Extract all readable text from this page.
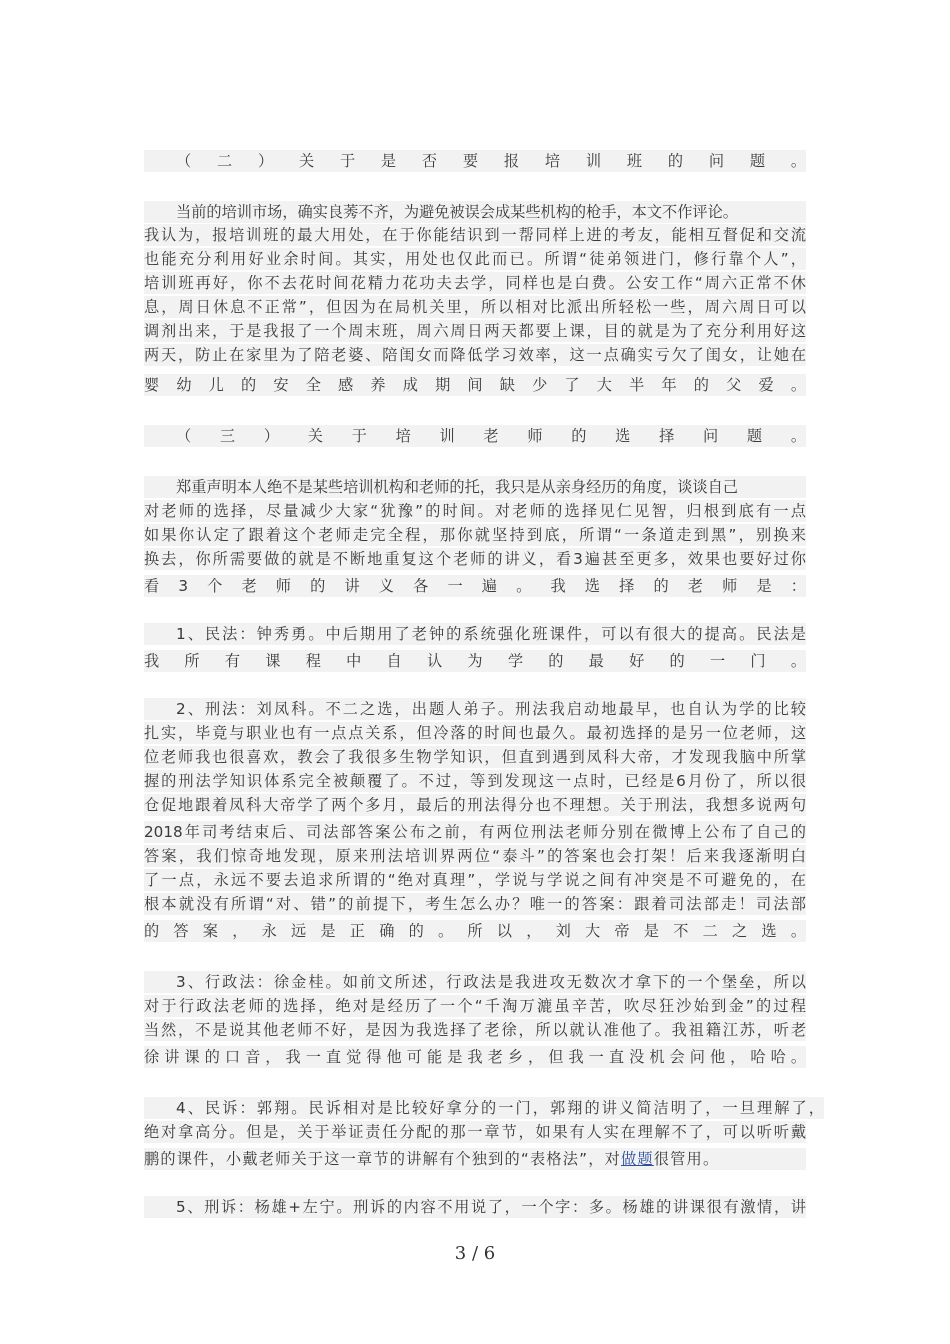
（二）关于是否要报培训班的问题。
当前的培训市场，确实良莠不齐，为避免被误会成某些机构的枪手，本文不作评论。
我认为，报培训班的最大用处，在于你能结识到一帮同样上进的考友，能相互督促和交流
也能充分利用好业余时间。其实，用处也仅此而已。所谓“徒弟领进门，修行靠个人”，
培训班再好，你不去花时间花精力花功夫去学，同样也是白费。公安工作“周六正常不休
息，周日休息不正常”，但因为在局机关里，所以相对比派出所轻松一些，周六周日可以
调剂出来，于是我报了一个周末班，周六周日两天都要上课，目的就是为了充分利用好这
两天，防止在家里为了陪老婆、陪闺女而降低学习效率，这一点确实亏欠了闺女，让她在
婴幼儿的安全感养成期间缺少了大半年的父爱。
（三）关于培训老师的选择问题。
郑重声明本人绝不是某些培训机构和老师的托，我只是从亲身经历的角度，谈谈自己
对老师的选择，尽量减少大家“犹豫”的时间。对老师的选择见仁见智，归根到底有一点
如果你认定了跟着这个老师走完全程，那你就坚持到底，所谓“一条道走到黑”，别换来
换去，你所需要做的就是不断地重复这个老师的讲义，看3遍甚至更多，效果也要好过你
看3个老师的讲义各一遍。我选择的老师是：
1、民法：钟秀勇。中后期用了老钟的系统强化班课件，可以有很大的提高。民法是
我所有课程中自认为学的最好的一门。
2、刑法：刘凤科。不二之选，出题人弟子。刑法我启动地最早，也自认为学的比较
扎实，毕竟与职业也有一点点关系，但冷落的时间也最久。最初选择的是另一位老师，这
位老师我也很喜欢，教会了我很多生物学知识，但直到遇到凤科大帝，才发现我脑中所掌
握的刑法学知识体系完全被颠覆了。不过，等到发现这一点时，已经是6月份了，所以很
仓促地跟着凤科大帝学了两个多月，最后的刑法得分也不理想。关于刑法，我想多说两句
2018年司考结束后、司法部答案公布之前，有两位刑法老师分别在微博上公布了自己的
答案，我们惊奇地发现，原来刑法培训界两位“泰斗”的答案也会打架！后来我逐渐明白
了一点，永远不要去追求所谓的“绝对真理”，学说与学说之间有冲突是不可避免的，在
根本就没有所谓“对、错”的前提下，考生怎么办？唯一的答案：跟着司法部走！司法部
的答案，永远是正确的。所以，刘大帝是不二之选。
3、行政法：徐金桂。如前文所述，行政法是我进攻无数次才拿下的一个堡垒，所以
对于行政法老师的选择，绝对是经历了一个“千淘万漉虽辛苦，吹尽狂沙始到金”的过程
当然，不是说其他老师不好，是因为我选择了老徐，所以就认准他了。我祖籍江苏，听老
徐讲课的口音，我一直觉得他可能是我老乡，但我一直没机会问他，哈哈。
4、民诉：郭翔。民诉相对是比较好拿分的一门，郭翔的讲义简洁明了，一旦理解了，
绝对拿高分。但是，关于举证责任分配的那一章节，如果有人实在理解不了，可以听听戴
鹏的课件，小戴老师关于这一章节的讲解有个独到的“表格法”，对做题很管用。
5、刑诉：杨雄+左宁。刑诉的内容不用说了，一个字：多。杨雄的讲课很有激情，讲
3 / 6
